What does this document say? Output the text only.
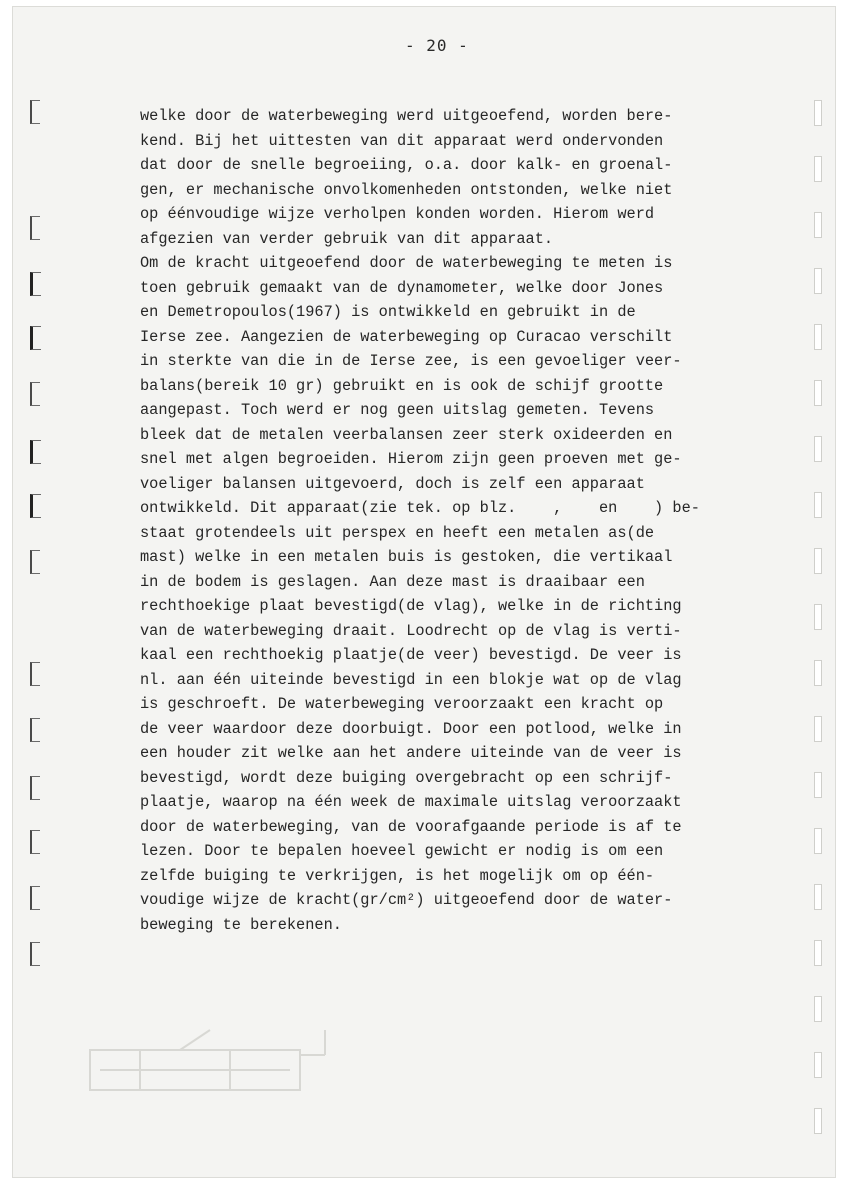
- 20 -
welke door de waterbeweging werd uitgeoefend, worden bere-
kend. Bij het uittesten van dit apparaat werd ondervonden
dat door de snelle begroeiing, o.a. door kalk- en groenal-
gen, er mechanische onvolkomenheden ontstonden, welke niet
op éénvoudige wijze verholpen konden worden. Hierom werd
afgezien van verder gebruik van dit apparaat.
Om de kracht uitgeoefend door de waterbeweging te meten is
toen gebruik gemaakt van de dynamometer, welke door Jones
en Demetropoulos(1967) is ontwikkeld en gebruikt in de
Ierse zee. Aangezien de waterbeweging op Curacao verschilt
in sterkte van die in de Ierse zee, is een gevoeliger veer-
balans(bereik 10 gr) gebruikt en is ook de schijf grootte
aangepast. Toch werd er nog geen uitslag gemeten. Tevens
bleek dat de metalen veerbalansen zeer sterk oxideerden en
snel met algen begroeiden. Hierom zijn geen proeven met ge-
voeliger balansen uitgevoerd, doch is zelf een apparaat
ontwikkeld. Dit apparaat(zie tek. op blz.    ,    en    ) be-
staat grotendeels uit perspex en heeft een metalen as(de
mast) welke in een metalen buis is gestoken, die vertikaal
in de bodem is geslagen. Aan deze mast is draaibaar een
rechthoekige plaat bevestigd(de vlag), welke in de richting
van de waterbeweging draait. Loodrecht op de vlag is verti-
kaal een rechthoekig plaatje(de veer) bevestigd. De veer is
nl. aan één uiteinde bevestigd in een blokje wat op de vlag
is geschroeft. De waterbeweging veroorzaakt een kracht op
de veer waardoor deze doorbuigt. Door een potlood, welke in
een houder zit welke aan het andere uiteinde van de veer is
bevestigd, wordt deze buiging overgebracht op een schrijf-
plaatje, waarop na één week de maximale uitslag veroorzaakt
door de waterbeweging, van de voorafgaande periode is af te
lezen. Door te bepalen hoeveel gewicht er nodig is om een
zelfde buiging te verkrijgen, is het mogelijk om op één-
voudige wijze de kracht(gr/cm²) uitgeoefend door de water-
beweging te berekenen.
